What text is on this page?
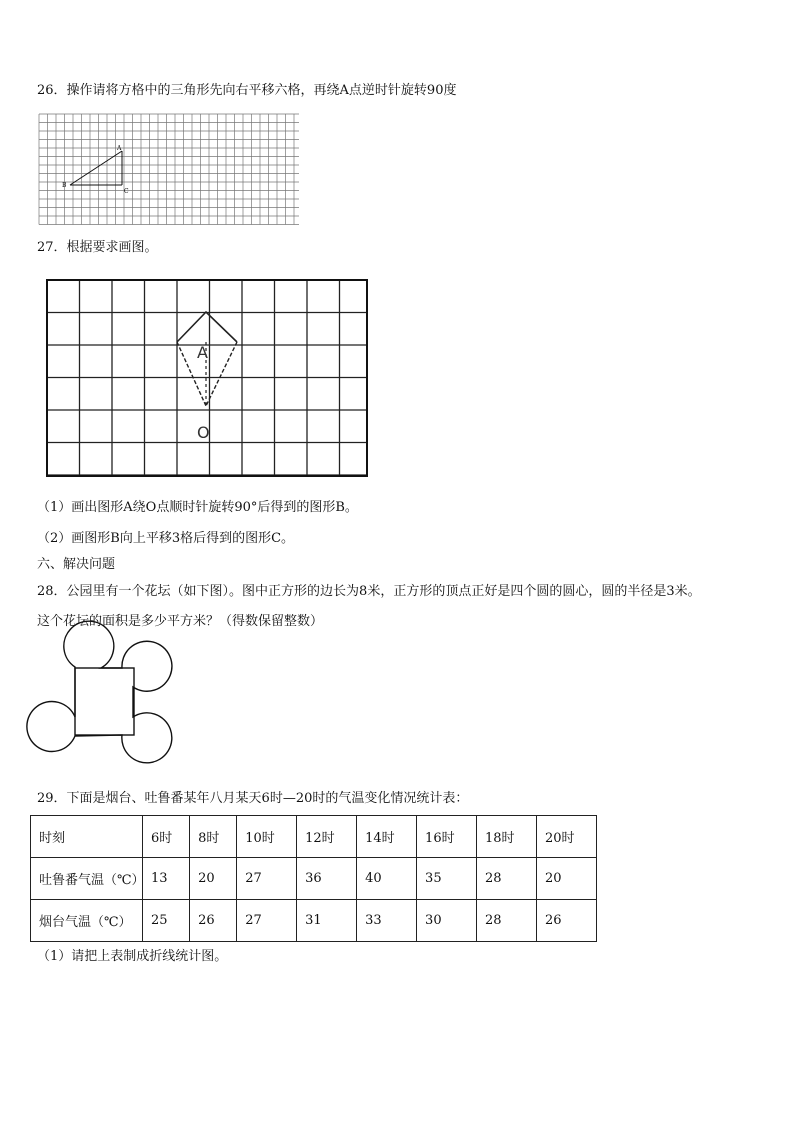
26．操作请将方格中的三角形先向右平移六格，再绕A点逆时针旋转90度
A
B
C
27．根据要求画图。
A
O
（1）画出图形A绕O点顺时针旋转90°后得到的图形B。
（2）画图形B向上平移3格后得到的图形C。
六、解决问题
28．公园里有一个花坛（如下图）。图中正方形的边长为8米，正方形的顶点正好是四个圆的圆心，圆的半径是3米。
这个花坛的面积是多少平方米？（得数保留整数）
29．下面是烟台、吐鲁番某年八月某天6时—20时的气温变化情况统计表：
时刻	6时	8时	10时	12时	14时	16时	18时	20时
吐鲁番气温（℃）	13	20	27	36	40	35	28	20
烟台气温（℃）	25	26	27	31	33	30	28	26
（1）请把上表制成折线统计图。
